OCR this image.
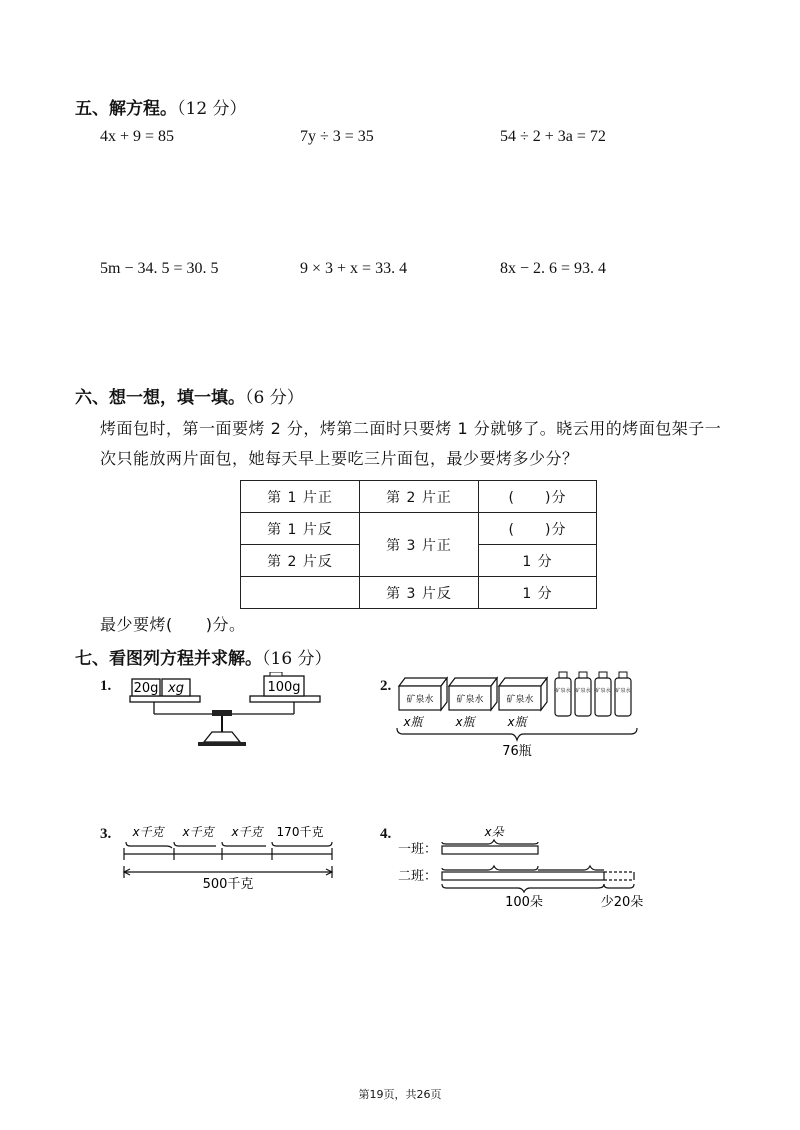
五、解方程。（12 分）
4x + 9 = 85	7y ÷ 3 = 35	54 ÷ 2 + 3a = 72
5m − 34. 5 = 30. 5	9 × 3 + x = 33. 4	8x − 2. 6 = 93. 4
六、想一想，填一填。（6 分）
烤面包时，第一面要烤 2 分，烤第二面时只要烤 1 分就够了。晓云用的烤面包架子一
次只能放两片面包，她每天早上要吃三片面包，最少要烤多少分？
第 1 片正	第 2 片正	(　　)分
第 1 片反	第 3 片正	(　　)分
第 2 片反		1 分
	第 3 片反	1 分
最少要烤(　　)分。
七、看图列方程并求解。（16 分）
1.	2.
3.	4.
20g xg	100g
矿泉水	矿泉水	矿泉水
矿泉水 矿泉水 矿泉水 矿泉水
x瓶	x瓶	x瓶
76瓶
x千克 x千克 x千克 170千克
500千克
x朵
一班：
二班：
100朵	少20朵
第19页，共26页
